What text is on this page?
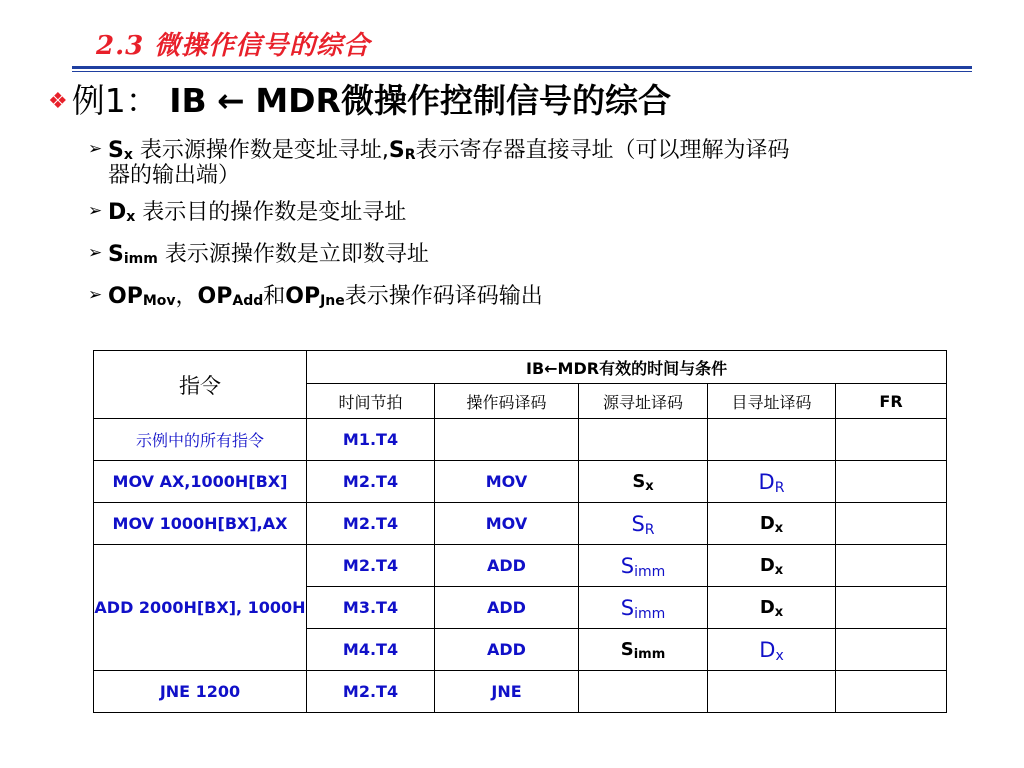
2.3 微操作信号的综合
❖ 例1： IB ← MDR微操作控制信号的综合
➢ $S_x$ 表示源操作数是变址寻址$,S_R$表示寄存器直接寻址（可以理解为译码
器的输出端）
➢ $D_x$ 表示目的操作数是变址寻址
➢ $S_{imm}$ 表示源操作数是立即数寻址
➢ $OP_{Mov}$，$OP_{Add}$和$OP_{Jne}$表示操作码译码输出
指令	IB←MDR有效的时间与条件				
	时间节拍	操作码译码	源寻址译码	目寻址译码	FR
示例中的所有指令	M1.T4				
MOV AX,1000H[BX]	M2.T4	MOV	$S_x$	$D_R$	
MOV 1000H[BX],AX	M2.T4	MOV	$S_R$	$D_x$	
ADD 2000H[BX], 1000H	M2.T4	ADD	$S_{imm}$	$D_x$	
	M3.T4	ADD	$S_{imm}$	$D_x$	
	M4.T4	ADD	$S_{imm}$	$D_x$	
JNE 1200	M2.T4	JNE			
